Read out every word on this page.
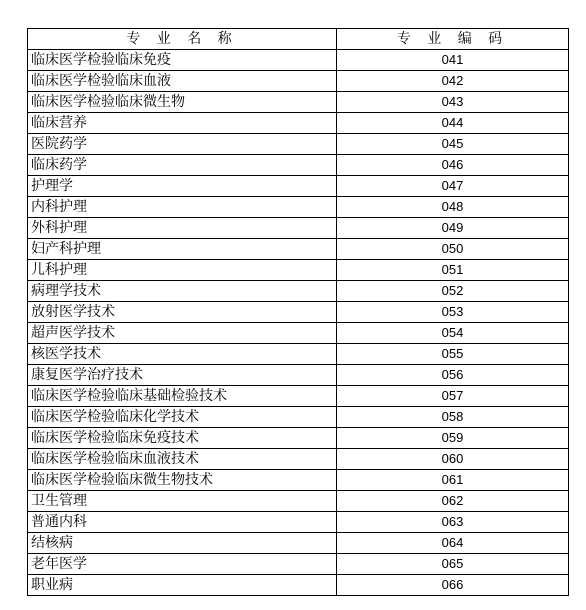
专 业 名 称	专 业 编 码
临床医学检验临床免疫	041
临床医学检验临床血液	042
临床医学检验临床微生物	043
临床营养	044
医院药学	045
临床药学	046
护理学	047
内科护理	048
外科护理	049
妇产科护理	050
儿科护理	051
病理学技术	052
放射医学技术	053
超声医学技术	054
核医学技术	055
康复医学治疗技术	056
临床医学检验临床基础检验技术	057
临床医学检验临床化学技术	058
临床医学检验临床免疫技术	059
临床医学检验临床血液技术	060
临床医学检验临床微生物技术	061
卫生管理	062
普通内科	063
结核病	064
老年医学	065
职业病	066
